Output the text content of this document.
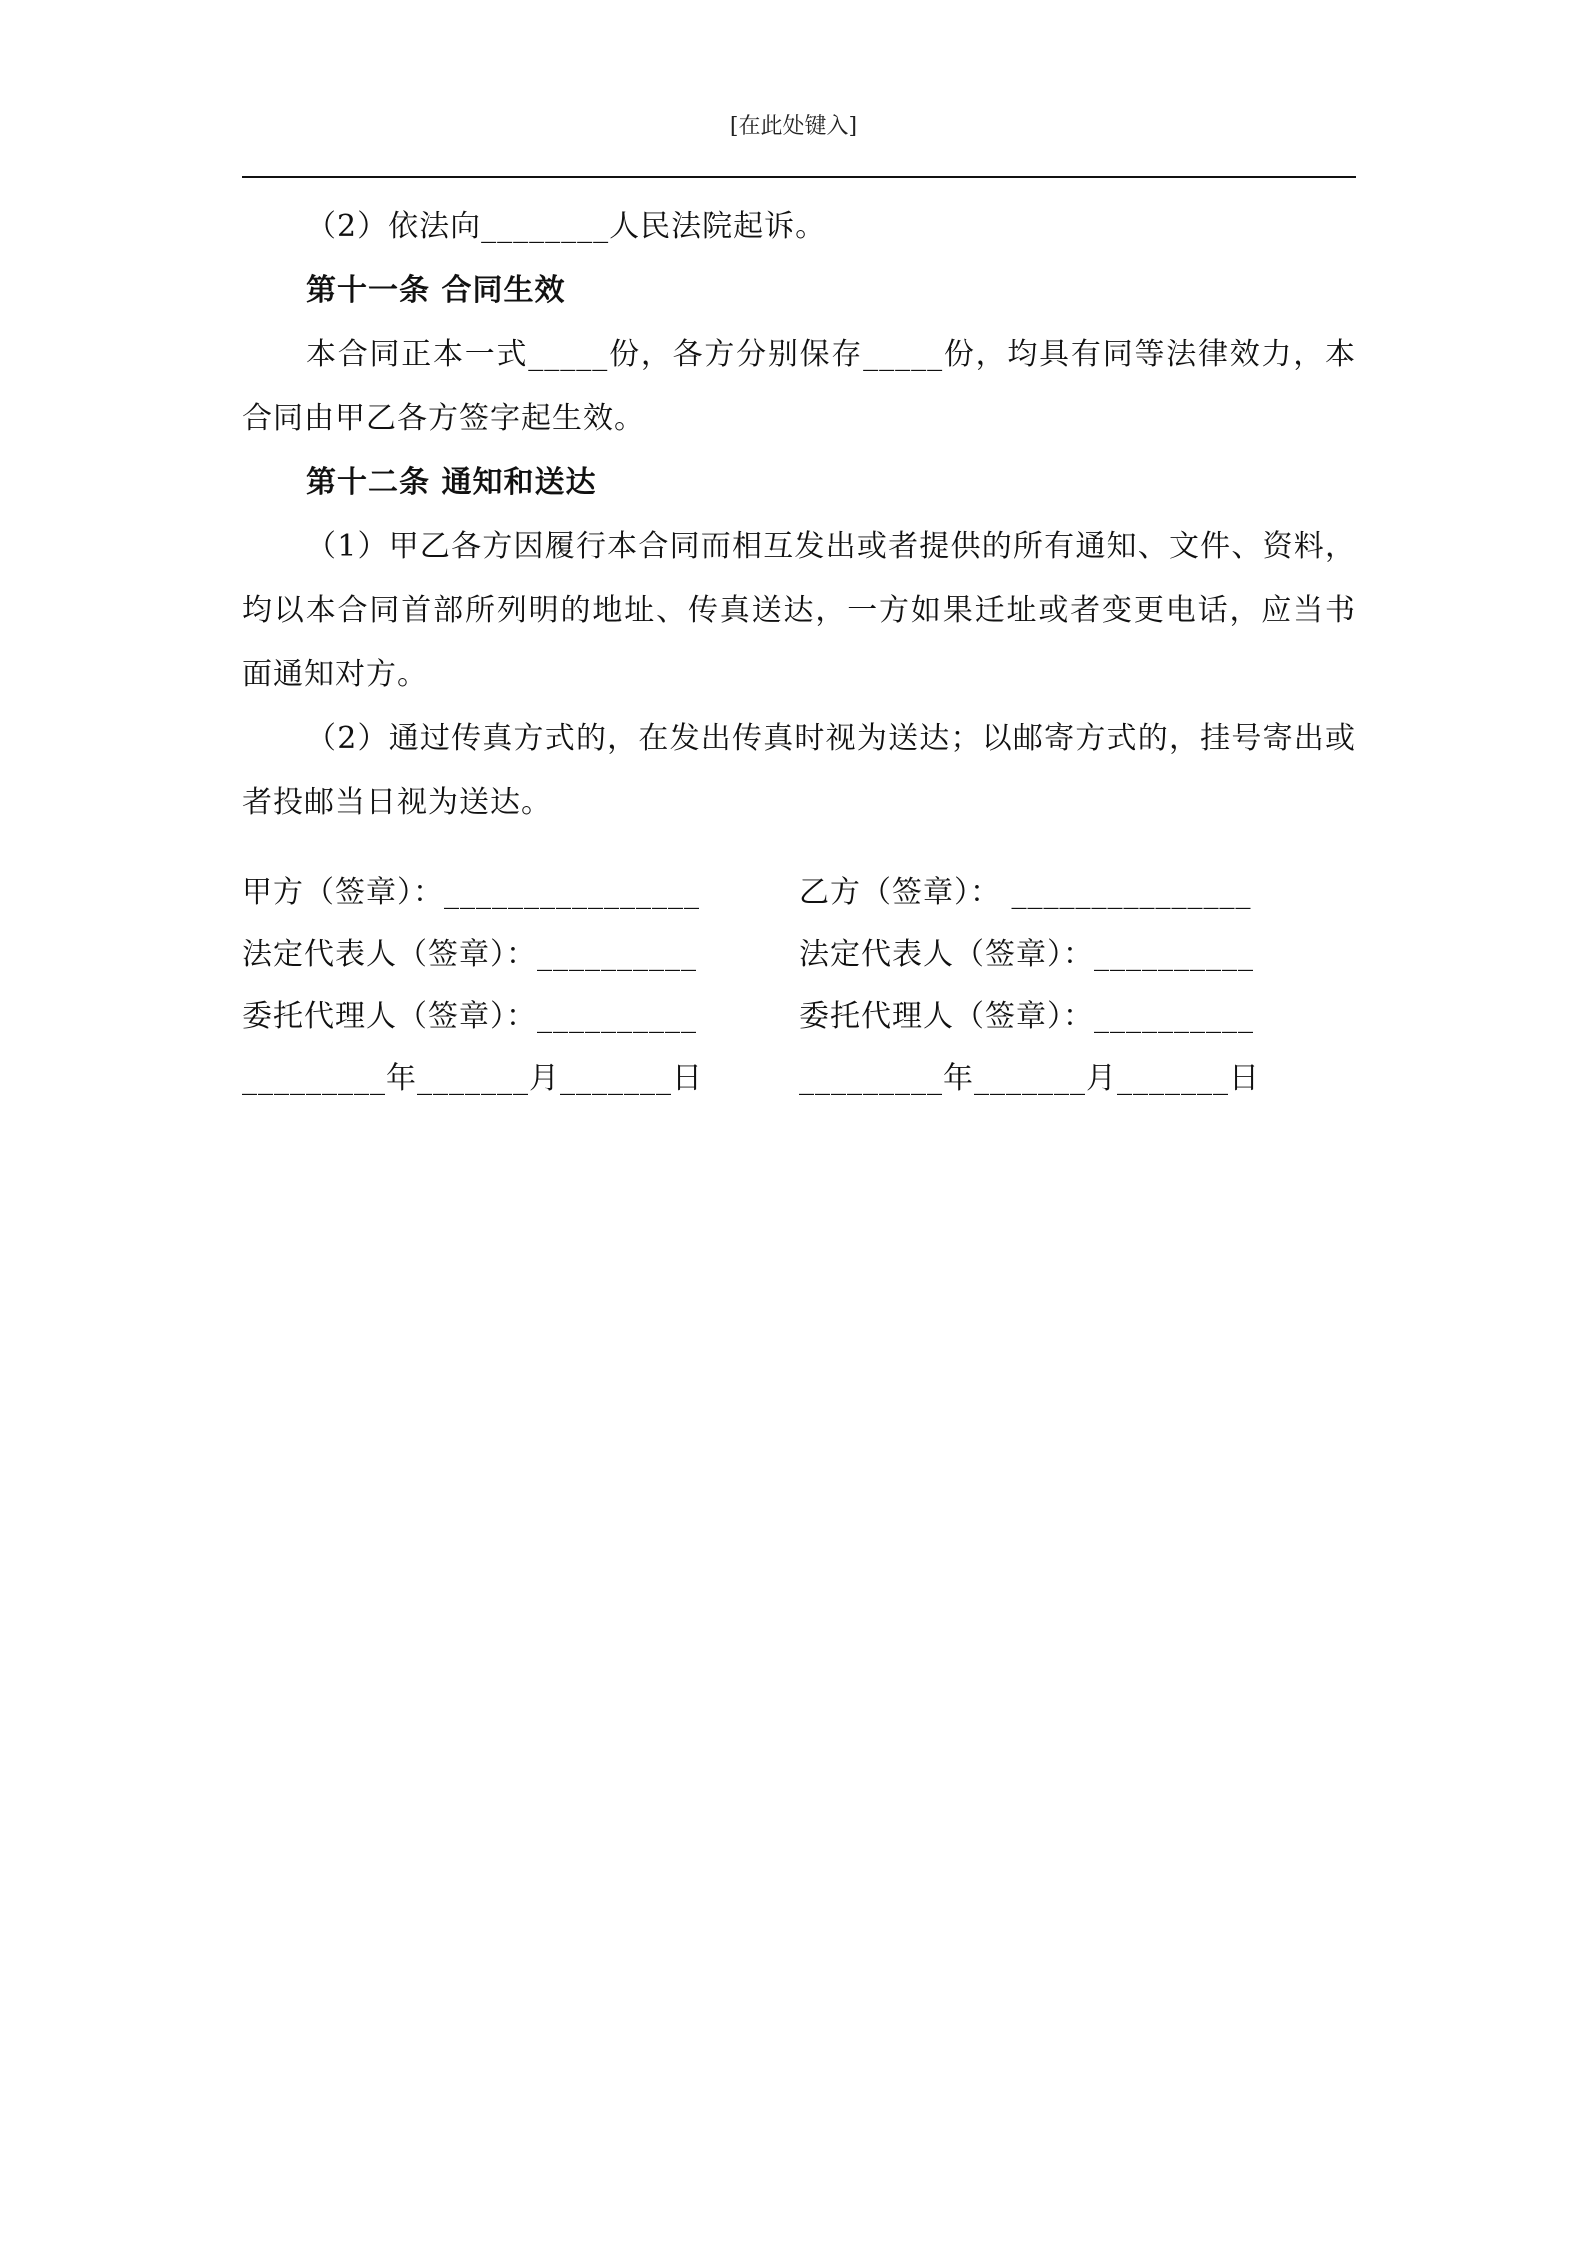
[在此处键入]

（2）依法向________人民法院起诉。

第十一条 合同生效

本合同正本一式_____份，各方分别保存_____份，均具有同等法律效力，本合同由甲乙各方签字起生效。

第十二条 通知和送达

（1）甲乙各方因履行本合同而相互发出或者提供的所有通知、文件、资料，均以本合同首部所列明的地址、传真送达，一方如果迁址或者变更电话，应当书面通知对方。

（2）通过传真方式的，在发出传真时视为送达；以邮寄方式的，挂号寄出或者投邮当日视为送达。

甲方（签章）：________________	乙方（签章）： _______________
法定代表人（签章）：__________	法定代表人（签章）：__________
委托代理人（签章）：__________	委托代理人（签章）：__________
_________年_______月_______日	_________年_______月_______日
